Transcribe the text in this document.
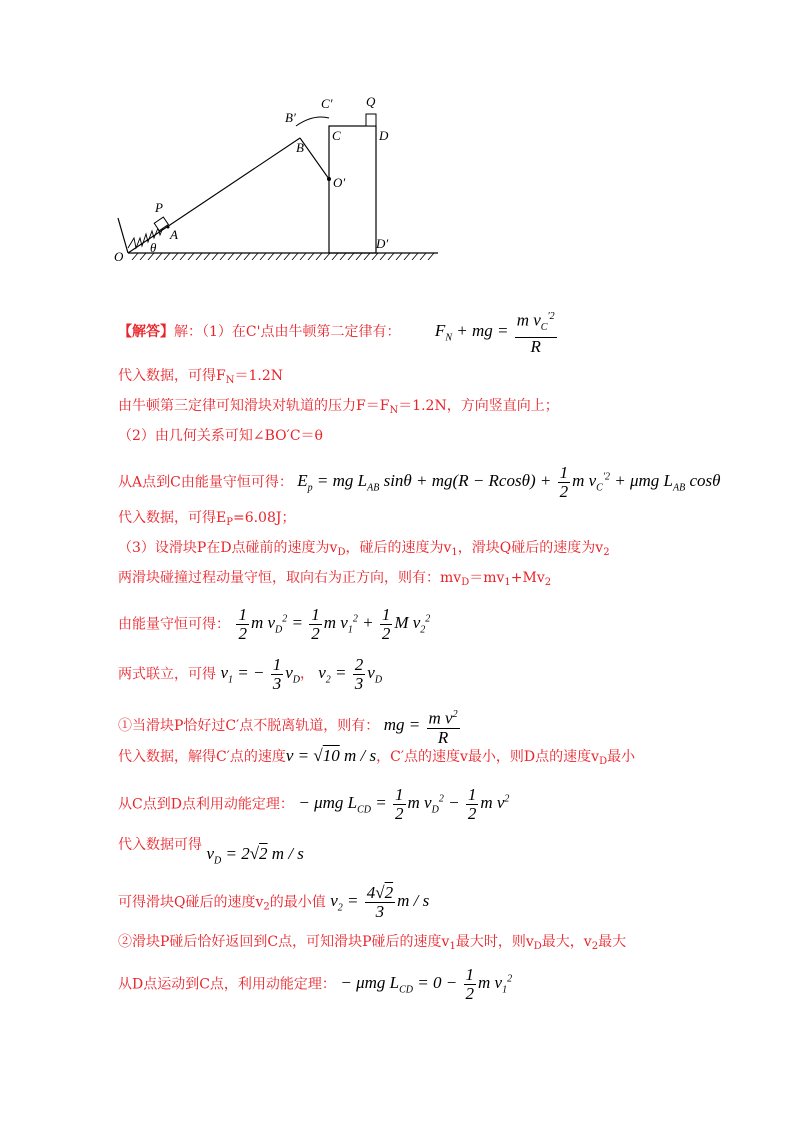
O
P
A
θ
B
B′
C′
C
Q
D
O′
D′
【解答】解：（1）在C'点由牛顿第二定律有： $F_N$ + mg = $\frac{m v_C^{'2}}{R}$
代入数据，可得$F_N=1.2N$
由牛顿第三定律可知滑块对轨道的压力$F=F_N=1.2N$，方向竖直向上；
（2）由几何关系可知∠BO′C＝θ
从A点到C由能量守恒可得： $E_p$ = mg $L_{AB}$ $\sin\theta + mg(R - Rcos\theta) + \frac{1}{2}$ m $v_C^{'2} + \mu mg$ $L_{AB}$ cosθ
代入数据，可得$E_P=6.08J$；
（3）设滑块P在D点碰前的速度为$v_D$，碰后的速度为$v_1$，滑块Q碰后的速度为$v_2$
两滑块碰撞过程动量守恒，取向右为正方向，则有：$mv_D=mv_1+Mv_2$
由能量守恒可得： $\frac{1}{2}$ m $v_D^2 = \frac{1}{2}$ m $v_1^2 + \frac{1}{2}$ M $v_2^2$
两式联立，可得 $v_1$ = − $\frac{1}{3} v_D$， $v_2 = \frac{2}{3} v_D$
①当滑块P恰好过C′点不脱离轨道，则有： mg = $\frac{m v^2}{R}$
代入数据，解得C′点的速度v = √10 m / s，C′点的速度v最小，则D点的速度$v_D$最小
从C点到D点利用动能定理： − μmg $L_{CD} = \frac{1}{2}$ m $v_D^2 - \frac{1}{2}$ m $v^2$
代入数据可得 $v_D = 2√2$ m / s
可得滑块Q碰后的速度$v_2$的最小值 $v_2 = \frac{4√2}{3}$ m / s
②滑块P碰后恰好返回到C点，可知滑块P碰后的速度$v_1$最大时，则$v_D$最大，$v_2$最大
从D点运动到C点，利用动能定理： − μmg $L_{CD} = 0 - \frac{1}{2}$ m $v_1^2$
